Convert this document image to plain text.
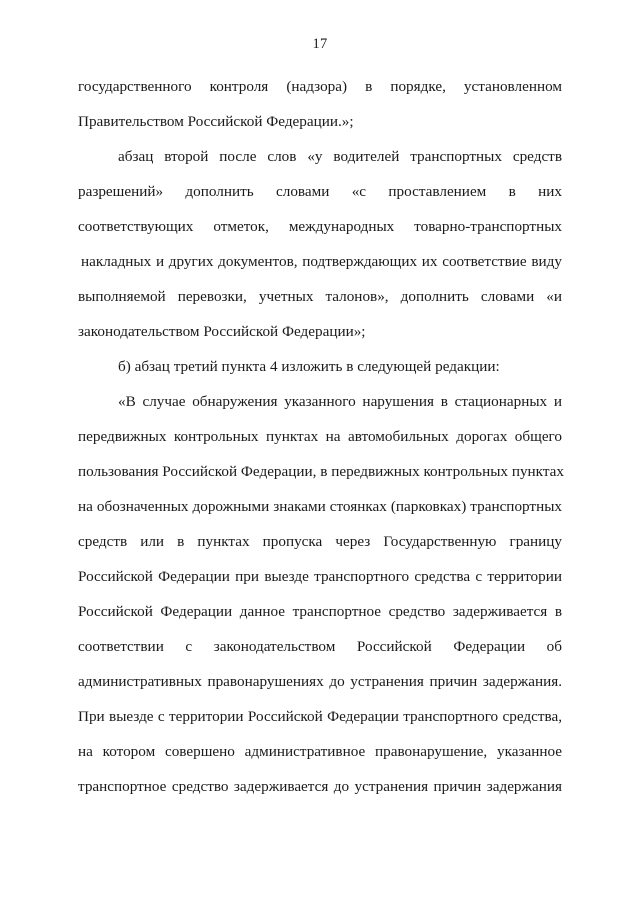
17
государственного контроля (надзора) в порядке, установленном
Правительством Российской Федерации.»;
абзац второй после слов «у водителей транспортных средств
разрешений» дополнить словами «с проставлением в них
соответствующих отметок, международных товарно-транспортных
накладных и других документов, подтверждающих их соответствие виду
выполняемой перевозки, учетных талонов», дополнить словами «и
законодательством Российской Федерации»;
б) абзац третий пункта 4 изложить в следующей редакции:
«В случае обнаружения указанного нарушения в стационарных и
передвижных контрольных пунктах на автомобильных дорогах общего
пользования Российской Федерации, в передвижных контрольных пунктах
на обозначенных дорожными знаками стоянках (парковках) транспортных
средств или в пунктах пропуска через Государственную границу
Российской Федерации при выезде транспортного средства с территории
Российской Федерации данное транспортное средство задерживается в
соответствии с законодательством Российской Федерации об
административных правонарушениях до устранения причин задержания.
При выезде с территории Российской Федерации транспортного средства,
на котором совершено административное правонарушение, указанное
транспортное средство задерживается до устранения причин задержания
